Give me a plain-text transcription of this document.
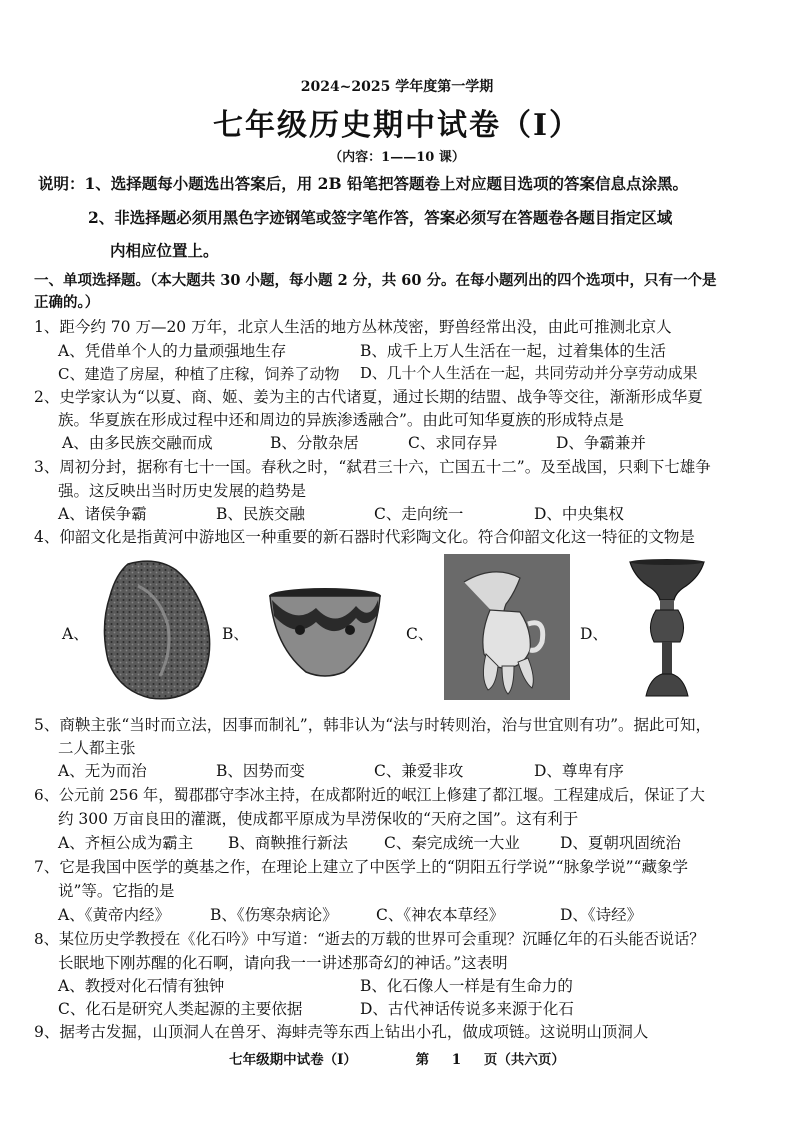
2024~2025 学年度第一学期
七年级历史期中试卷（I）
（内容：1——10 课）
说明：1、选择题每小题选出答案后，用 2B 铅笔把答题卷上对应题目选项的答案信息点涂黑。
2、非选择题必须用黑色字迹钢笔或签字笔作答，答案必须写在答题卷各题目指定区域
内相应位置上。
一、单项选择题。（本大题共 30 小题，每小题 2 分，共 60 分。在每小题列出的四个选项中，只有一个是
正确的。）
1、距今约 70 万—20 万年，北京人生活的地方丛林茂密，野兽经常出没，由此可推测北京人
A、凭借单个人的力量顽强地生存	B、成千上万人生活在一起，过着集体的生活
C、建造了房屋，种植了庄稼，饲养了动物 D、几十个人生活在一起，共同劳动并分享劳动成果
2、史学家认为“以夏、商、姬、姜为主的古代诸夏，通过长期的结盟、战争等交往，渐渐形成华夏
族。华夏族在形成过程中还和周边的异族渗透融合”。由此可知华夏族的形成特点是
A、由多民族交融而成	B、分散杂居	C、求同存异	D、争霸兼并
3、周初分封，据称有七十一国。春秋之时，“弑君三十六，亡国五十二”。及至战国，只剩下七雄争
强。这反映出当时历史发展的趋势是
A、诸侯争霸	B、民族交融	C、走向统一	D、中央集权
4、仰韶文化是指黄河中游地区一种重要的新石器时代彩陶文化。符合仰韶文化这一特征的文物是
A、	B、	C、	D、
5、商鞅主张“当时而立法，因事而制礼”，韩非认为“法与时转则治，治与世宜则有功”。据此可知，
二人都主张
A、无为而治	B、因势而变	C、兼爱非攻	D、尊卑有序
6、公元前 256 年，蜀郡郡守李冰主持，在成都附近的岷江上修建了都江堰。工程建成后，保证了大
约 300 万亩良田的灌溉，使成都平原成为旱涝保收的“天府之国”。这有利于
A、齐桓公成为霸主 B、商鞅推行新法 C、秦完成统一大业	D、夏朝巩固统治
7、它是我国中医学的奠基之作，在理论上建立了中医学上的“阴阳五行学说”“脉象学说”“藏象学
说”等。它指的是
A、《黄帝内经》	B、《伤寒杂病论》 C、《神农本草经》	D、《诗经》
8、某位历史学教授在《化石吟》中写道：“逝去的万载的世界可会重现？沉睡亿年的石头能否说话？
长眠地下刚苏醒的化石啊，请向我一一讲述那奇幻的神话。”这表明
A、教授对化石情有独钟	B、化石像人一样是有生命力的
C、化石是研究人类起源的主要依据	D、古代神话传说多来源于化石
9、据考古发掘，山顶洞人在兽牙、海蚌壳等东西上钻出小孔，做成项链。这说明山顶洞人
七年级期中试卷（I）	第 1 页（共六页）
